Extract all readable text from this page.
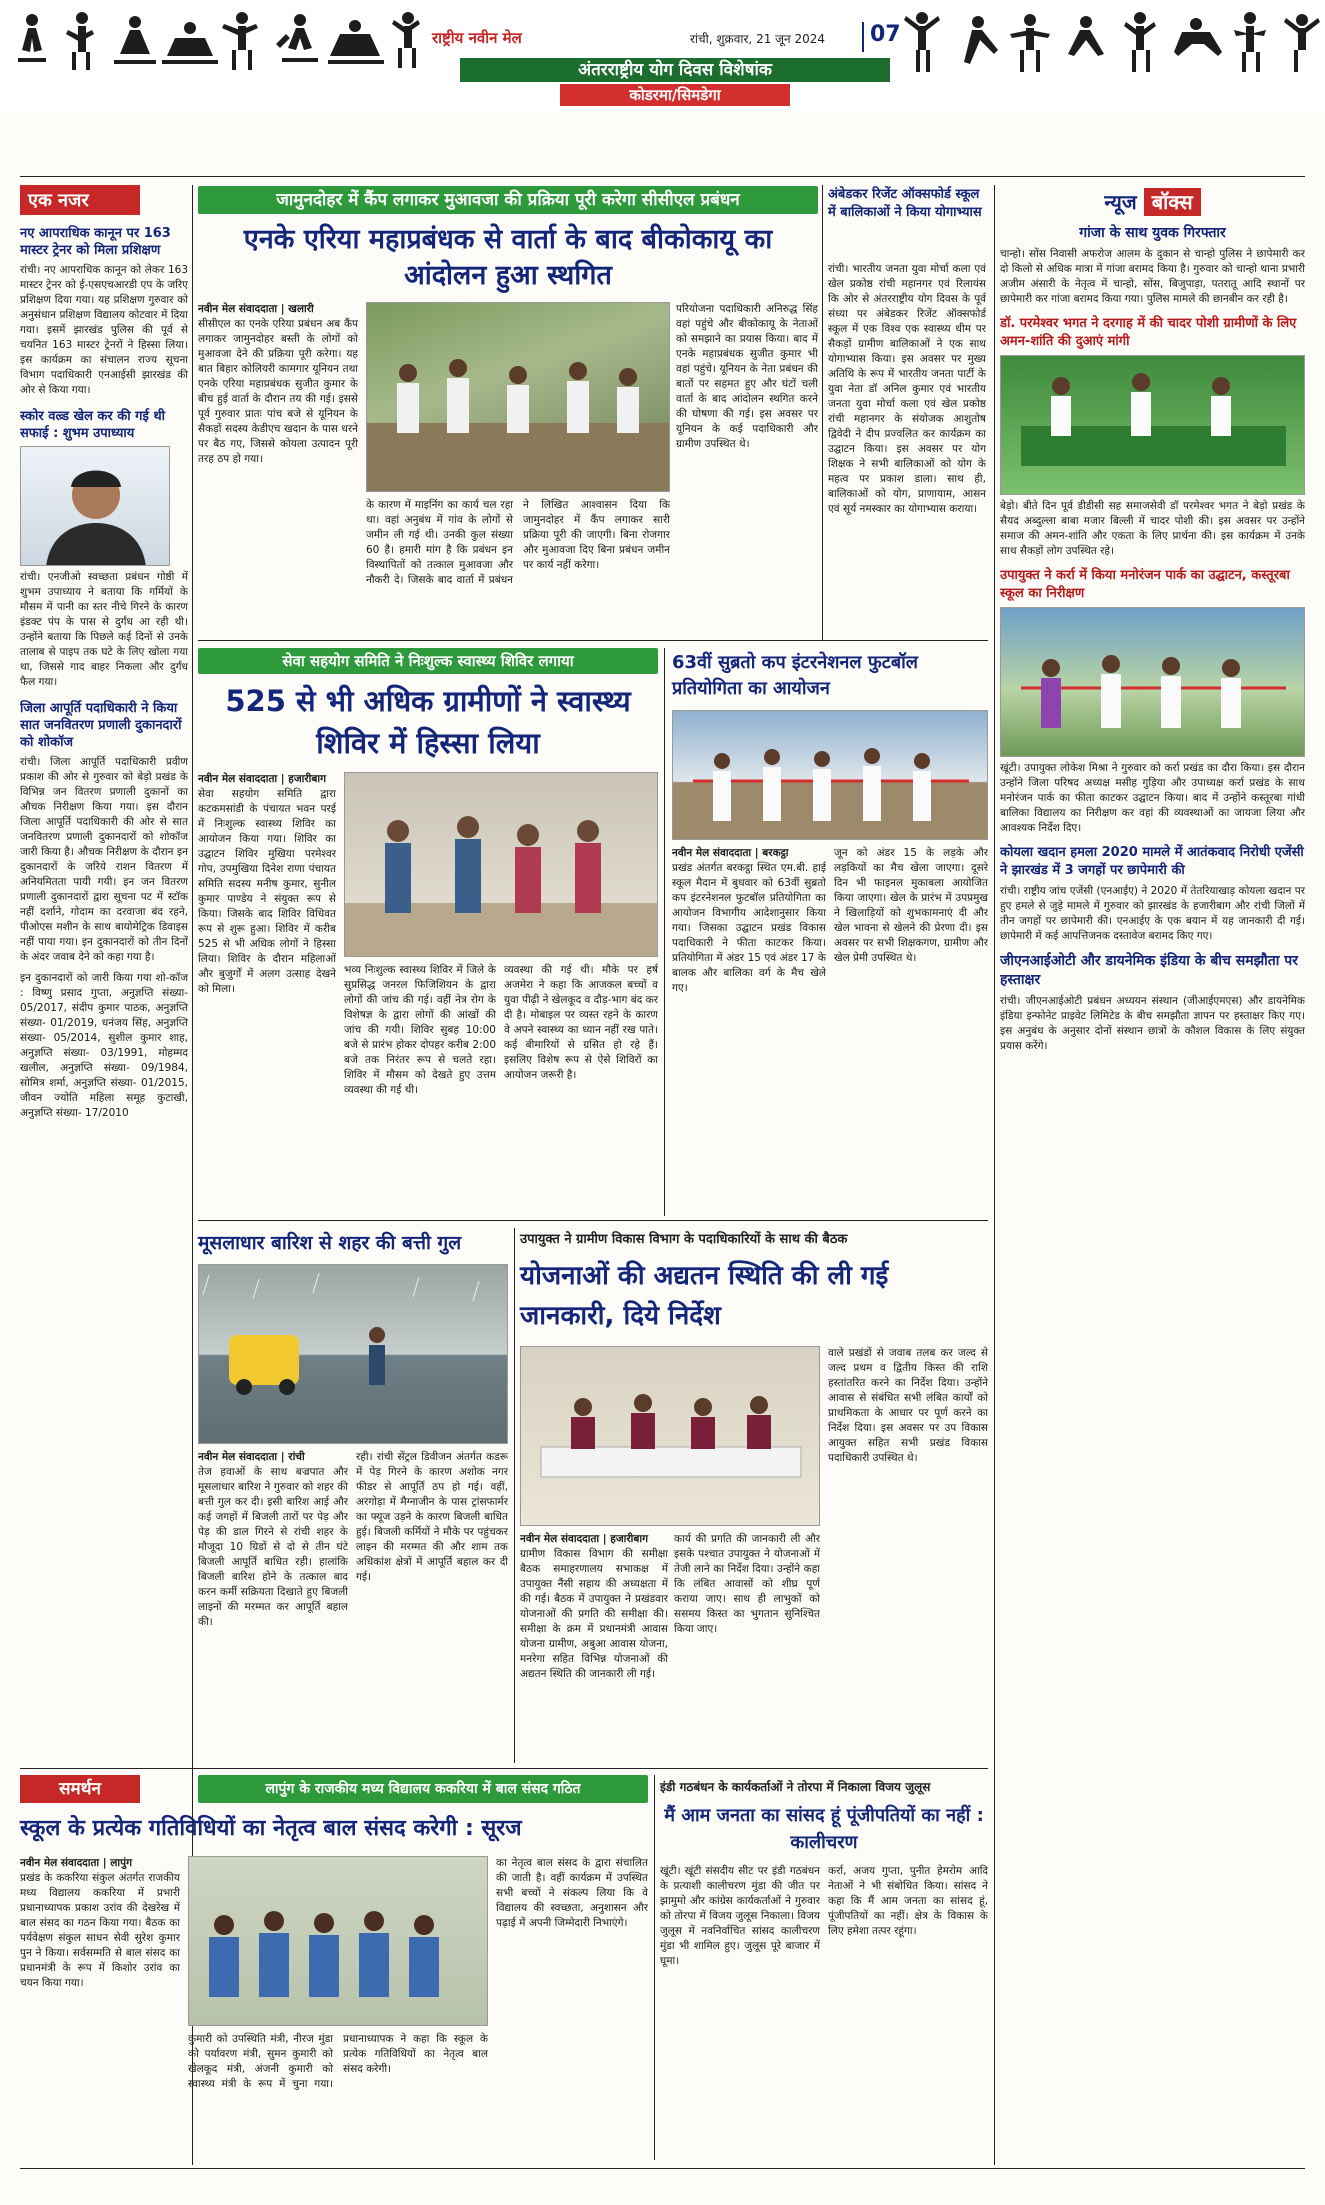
राष्ट्रीय नवीन मेल	रांची, शुक्रवार, 21 जून 2024	07
अंतरराष्ट्रीय योग दिवस विशेषांक
कोडरमा/सिमडेगा
एक नजर
नए आपराधिक कानून पर 163 मास्टर ट्रेनर को मिला प्रशिक्षण
रांची। नए आपराधिक कानून को लेकर 163 मास्टर ट्रेनर को ई-एसएचआरडी एप के जरिए प्रशिक्षण दिया गया। यह प्रशिक्षण गुरुवार को अनुसंधान प्रशिक्षण विद्यालय कोटवार में दिया गया। इसमें झारखंड पुलिस की पूर्व से चयनित 163 मास्टर ट्रेनरों ने हिस्सा लिया। इस कार्यक्रम का संचालन राज्य सूचना विभाग पदाधिकारी एनआईसी झारखंड की ओर से किया गया।
स्कोर वल्र्ड खेल कर की गई थी सफाई : शुभम उपाध्याय
रांची। एनजीओ स्वच्छता प्रबंधन गोष्ठी में शुभम उपाध्याय ने बताया कि गर्मियों के मौसम में पानी का स्तर नीचे गिरने के कारण इंडक्ट पंप के पास से दुर्गंध आ रही थी। उन्होंने बताया कि पिछले कई दिनों से उनके तालाब से पाइप तक घटे के लिए खोला गया था, जिससे गाद बाहर निकला और दुर्गंध फैल गया।
जिला आपूर्ति पदाधिकारी ने किया सात जनवितरण प्रणाली दुकानदारों को शोकॉज
रांची। जिला आपूर्ति पदाधिकारी प्रवीण प्रकाश की ओर से गुरुवार को बेड़ो प्रखंड के विभिन्न जन वितरण प्रणाली दुकानों का औचक निरीक्षण किया गया। इस दौरान जिला आपूर्ति पदाधिकारी की ओर से सात जनवितरण प्रणाली दुकानदारों को शोकॉज जारी किया है। औचक निरीक्षण के दौरान इन दुकानदारों के जरिये राशन वितरण में अनियमितता पायी गयी। इन जन वितरण प्रणाली दुकानदारों द्वारा सूचना पट में स्टॉक नहीं दर्शाने, गोदाम का दरवाजा बंद रहने, पीओएस मशीन के साथ बायोमेट्रिक डिवाइस नहीं पाया गया। इन दुकानदारों को तीन दिनों के अंदर जवाब देने को कहा गया है।
इन दुकानदारों को जारी किया गया शो-कॉज : विष्णु प्रसाद गुप्ता, अनुज्ञप्ति संख्या- 05/2017, संदीप कुमार पाठक, अनुज्ञप्ति संख्या- 01/2019, धनंजय सिंह, अनुज्ञप्ति संख्या- 05/2014, सुशील कुमार शाह, अनुज्ञप्ति संख्या- 03/1991, मोहम्मद खलील, अनुज्ञप्ति संख्या- 09/1984, सोमित्र शर्मा, अनुज्ञप्ति संख्या- 01/2015, जीवन ज्योति महिला समूह कुटाखी, अनुज्ञप्ति संख्या- 17/2010
जामुनदोहर में कैंप लगाकर मुआवजा की प्रक्रिया पूरी करेगा सीसीएल प्रबंधन
एनके एरिया महाप्रबंधक से वार्ता के बाद बीकोकायू का आंदोलन हुआ स्थगित
नवीन मेल संवाददाता | खलारी
सीसीएल का एनके एरिया प्रबंधन अब कैंप लगाकर जामुनदोहर बस्ती के लोगों को मुआवजा देने की प्रक्रिया पूरी करेगा। यह बात बिहार कोलियरी कामगार यूनियन तथा एनके एरिया महाप्रबंधक सुजीत कुमार के बीच हुई वार्ता के दौरान तय की गई। इससे पूर्व गुरुवार प्रातः पांच बजे से यूनियन के सैकड़ों सदस्य केडीएच खदान के पास धरने पर बैठ गए, जिससे कोयला उत्पादन पूरी तरह ठप हो गया।
के कारण में माइनिंग का कार्य चल रहा था। वहां अनुबंध में गांव के लोगों से जमीन ली गई थी। उनकी कुल संख्या 60 है। हमारी मांग है कि प्रबंधन इन विस्थापितों को तत्काल मुआवजा और नौकरी दे। जिसके बाद वार्ता में प्रबंधन ने लिखित आश्वासन दिया कि जामुनदोहर में कैंप लगाकर सारी प्रक्रिया पूरी की जाएगी। बिना रोजगार और मुआवजा दिए बिना प्रबंधन जमीन पर कार्य नहीं करेगा।
परियोजना पदाधिकारी अनिरुद्ध सिंह वहां पहुंचे और बीकोकायू के नेताओं को समझाने का प्रयास किया। बाद में एनके महाप्रबंधक सुजीत कुमार भी वहां पहुंचे। यूनियन के नेता प्रबंधन की बातों पर सहमत हुए और घंटों चली वार्ता के बाद आंदोलन स्थगित करने की घोषणा की गई। इस अवसर पर यूनियन के कई पदाधिकारी और ग्रामीण उपस्थित थे।
अंबेडकर रिजेंट ऑक्सफोर्ड स्कूल में बालिकाओं ने किया योगाभ्यास
रांची। भारतीय जनता युवा मोर्चा कला एवं खेल प्रकोष्ठ रांची महानगर एवं रिलायंस कि ओर से अंतरराष्ट्रीय योग दिवस के पूर्व संध्या पर अंबेडकर रिजेंट ऑक्सफोर्ड स्कूल में एक विश्व एक स्वास्थ्य थीम पर सैकड़ों ग्रामीण बालिकाओं ने एक साथ योगाभ्यास किया। इस अवसर पर मुख्य अतिथि के रूप में भारतीय जनता पार्टी के युवा नेता डॉ अनिल कुमार एवं भारतीय जनता युवा मोर्चा कला एवं खेल प्रकोष्ठ रांची महानगर के संयोजक आशुतोष द्विवेदी ने दीप प्रज्वलित कर कार्यक्रम का उद्घाटन किया। इस अवसर पर योग शिक्षक ने सभी बालिकाओं को योग के महत्व पर प्रकाश डाला। साथ ही, बालिकाओं को योग, प्राणायाम, आसन एवं सूर्य नमस्कार का योगाभ्यास कराया।
सेवा सहयोग समिति ने निःशुल्क स्वास्थ्य शिविर लगाया
525 से भी अधिक ग्रामीणों ने स्वास्थ्य शिविर में हिस्सा लिया
नवीन मेल संवाददाता | हजारीबाग
सेवा सहयोग समिति द्वारा कटकमसांडी के पंचायत भवन परई में निःशुल्क स्वास्थ्य शिविर का आयोजन किया गया। शिविर का उद्घाटन शिविर मुखिया परमेश्वर गोप, उपमुखिया दिनेश राणा पंचायत समिति सदस्य मनीष कुमार, सुनील कुमार पाण्डेय ने संयुक्त रूप से किया। जिसके बाद शिविर विधिवत रूप से शुरू हुआ। शिविर में करीब 525 से भी अधिक लोगों ने हिस्सा लिया। शिविर के दौरान महिलाओं और बुजुर्गों में अलग उत्साह देखने को मिला।
भव्य निःशुल्क स्वास्थ्य शिविर में जिले के सुप्रसिद्ध जनरल फिजिशियन के द्वारा लोगों की जांच की गई। वहीं नेत्र रोग के विशेषज्ञ के द्वारा लोगों की आंखों की जांच की गयी। शिविर सुबह 10:00 बजे से प्रारंभ होकर दोपहर करीब 2:00 बजे तक निरंतर रूप से चलते रहा। शिविर में मौसम को देखते हुए उत्तम व्यवस्था की गई थी।
व्यवस्था की गई थी। मौके पर हर्ष अजमेरा ने कहा कि आजकल बच्चों व युवा पीढ़ी ने खेलकूद व दौड़-भाग बंद कर दी है। मोबाइल पर व्यस्त रहने के कारण वे अपने स्वास्थ्य का ध्यान नहीं रख पाते। कई बीमारियों से ग्रसित हो रहे हैं। इसलिए विशेष रूप से ऐसे शिविरों का आयोजन जरूरी है।
63वीं सुब्रतो कप इंटरनेशनल फुटबॉल प्रतियोगिता का आयोजन
नवीन मेल संवाददाता | बरकट्ठा
प्रखंड अंतर्गत बरकट्ठा स्थित एम.बी. हाई स्कूल मैदान में बुधवार को 63वीं सुब्रतो कप इंटरनेशनल फुटबॉल प्रतियोगिता का आयोजन विभागीय आदेशानुसार किया गया। जिसका उद्घाटन प्रखंड विकास पदाधिकारी ने फीता काटकर किया। प्रतियोगिता में अंडर 15 एवं अंडर 17 के बालक और बालिका वर्ग के मैच खेले गए।
जून को अंडर 15 के लड़के और लड़कियों का मैच खेला जाएगा। दूसरे दिन भी फाइनल मुकाबला आयोजित किया जाएगा। खेल के प्रारंभ में उपप्रमुख ने खिलाड़ियों को शुभकामनाएं दी और खेल भावना से खेलने की प्रेरणा दी। इस अवसर पर सभी शिक्षकगण, ग्रामीण और खेल प्रेमी उपस्थित थे।
मूसलाधार बारिश से शहर की बत्ती गुल
नवीन मेल संवाददाता | रांची
तेज हवाओं के साथ बज्रपात और मूसलाधार बारिश ने गुरुवार को शहर की बत्ती गुल कर दी। इसी बारिश आई और कई जगहों में बिजली तारों पर पेड़ और पेड़ की डाल गिरने से रांची शहर के मौजूदा 10 ग्रिडों से दो से तीन घंटे बिजली आपूर्ति बाधित रही। हालांकि बिजली बारिश होने के तत्काल बाद करन कर्मी सक्रियता दिखाते हुए बिजली लाइनों की मरम्मत कर आपूर्ति बहाल की।
रही। रांची सेंट्रल डिवीजन अंतर्गत कडरू में पेड़ गिरने के कारण अशोक नगर फीडर से आपूर्ति ठप हो गई। वहीं, अरगोड़ा में मैग्नाजीन के पास ट्रांसफार्मर का फ्यूज उड़ने के कारण बिजली बाधित हुई। बिजली कर्मियों ने मौके पर पहुंचकर लाइन की मरम्मत की और शाम तक अधिकांश क्षेत्रों में आपूर्ति बहाल कर दी गई।
उपायुक्त ने ग्रामीण विकास विभाग के पदाधिकारियों के साथ की बैठक
योजनाओं की अद्यतन स्थिति की ली गई जानकारी, दिये निर्देश
वाले प्रखंडों से जवाब तलब कर जल्द से जल्द प्रथम व द्वितीय किस्त की राशि हस्तांतरित करने का निर्देश दिया। उन्होंने आवास से संबंधित सभी लंबित कार्यों को प्राथमिकता के आधार पर पूर्ण करने का निर्देश दिया। इस अवसर पर उप विकास आयुक्त सहित सभी प्रखंड विकास पदाधिकारी उपस्थित थे।
नवीन मेल संवाददाता | हजारीबाग
ग्रामीण विकास विभाग की समीक्षा बैठक समाहरणालय सभाकक्ष में उपायुक्त नैंसी सहाय की अध्यक्षता में की गई। बैठक में उपायुक्त ने प्रखंडवार योजनाओं की प्रगति की समीक्षा की। समीक्षा के क्रम में प्रधानमंत्री आवास योजना ग्रामीण, अबुआ आवास योजना, मनरेगा सहित विभिन्न योजनाओं की अद्यतन स्थिति की जानकारी ली गई।
कार्य की प्रगति की जानकारी ली और इसके पश्चात उपायुक्त ने योजनाओं में तेजी लाने का निर्देश दिया। उन्होंने कहा कि लंबित आवासों को शीघ्र पूर्ण कराया जाए। साथ ही लाभुकों को ससमय किस्त का भुगतान सुनिश्चित किया जाए।
समर्थन	लापुंग के राजकीय मध्य विद्यालय ककरिया में बाल संसद गठित
स्कूल के प्रत्येक गतिविधियों का नेतृत्व बाल संसद करेगी : सूरज
नवीन मेल संवाददाता | लापुंग
प्रखंड के ककरिया संकुल अंतर्गत राजकीय मध्य विद्यालय ककरिया में प्रभारी प्रधानाध्यापक प्रकाश उरांव की देखरेख में बाल संसद का गठन किया गया। बैठक का पर्यवेक्षण संकुल साधन सेवी सुरेश कुमार पुन ने किया। सर्वसम्मति से बाल संसद का प्रधानमंत्री के रूप में किशोर उरांव का चयन किया गया।
कुमारी को उपस्थिति मंत्री, नीरज मुंडा को पर्यावरण मंत्री, सुमन कुमारी को खेलकूद मंत्री, अंजनी कुमारी को स्वास्थ्य मंत्री के रूप में चुना गया। प्रधानाध्यापक ने कहा कि स्कूल के प्रत्येक गतिविधियों का नेतृत्व बाल संसद करेगी।
का नेतृत्व बाल संसद के द्वारा संचालित की जाती है। वहीं कार्यक्रम में उपस्थित सभी बच्चों ने संकल्प लिया कि वे विद्यालय की स्वच्छता, अनुशासन और पढ़ाई में अपनी जिम्मेदारी निभाएंगे।
इंडी गठबंधन के कार्यकर्ताओं ने तोरपा में निकाला विजय जुलूस
मैं आम जनता का सांसद हूं पूंजीपतियों का नहीं : कालीचरण
खूंटी। खूंटी संसदीय सीट पर इंडी गठबंधन के प्रत्याशी कालीचरण मुंडा की जीत पर झामुमो और कांग्रेस कार्यकर्ताओं ने गुरुवार को तोरपा में विजय जुलूस निकाला। विजय जुलूस में नवनिर्वाचित सांसद कालीचरण मुंडा भी शामिल हुए। जुलूस पूरे बाजार में घूमा।
कर्रा, अजय गुप्ता, पुनीत हेमरोम आदि नेताओं ने भी संबोधित किया। सांसद ने कहा कि मैं आम जनता का सांसद हूं, पूंजीपतियों का नहीं। क्षेत्र के विकास के लिए हमेशा तत्पर रहूंगा।
न्यूज बॉक्स
गांजा के साथ युवक गिरफ्तार
चान्हो। सोंस निवासी अफरोज आलम के दुकान से चान्हो पुलिस ने छापेमारी कर दो किलो से अधिक मात्रा में गांजा बरामद किया है। गुरुवार को चान्हो थाना प्रभारी अजीम अंसारी के नेतृत्व में चान्हो, सोंस, बिजुपाड़ा, पतरातू आदि स्थानों पर छापेमारी कर गांजा बरामद किया गया। पुलिस मामले की छानबीन कर रही है।
डॉ. परमेश्वर भगत ने दरगाह में की चादर पोशी ग्रामीणों के लिए अमन-शांति की दुआएं मांगी
बेड़ो। बीते दिन पूर्व डीडीसी सह समाजसेवी डॉ परमेश्वर भगत ने बेड़ो प्रखंड के सैयद अब्दुल्ला बाबा मजार बिल्ली में चादर पोशी की। इस अवसर पर उन्होंने समाज की अमन-शांति और एकता के लिए प्रार्थना की। इस कार्यक्रम में उनके साथ सैकड़ों लोग उपस्थित रहे।
उपायुक्त ने कर्रा में किया मनोरंजन पार्क का उद्घाटन, कस्तूरबा स्कूल का निरीक्षण
खूंटी। उपायुक्त लोकेश मिश्रा ने गुरुवार को कर्रा प्रखंड का दौरा किया। इस दौरान उन्होंने जिला परिषद अध्यक्ष मसीह गुड़िया और उपाध्यक्ष कर्रा प्रखंड के साथ मनोरंजन पार्क का फीता काटकर उद्घाटन किया। बाद में उन्होंने कस्तूरबा गांधी बालिका विद्यालय का निरीक्षण कर वहां की व्यवस्थाओं का जायजा लिया और आवश्यक निर्देश दिए।
कोयला खदान हमला 2020 मामले में आतंकवाद निरोधी एजेंसी ने झारखंड में 3 जगहों पर छापेमारी की
रांची। राष्ट्रीय जांच एजेंसी (एनआईए) ने 2020 में तेतरियाखाड़ कोयला खदान पर हुए हमले से जुड़े मामले में गुरुवार को झारखंड के हजारीबाग और रांची जिलों में तीन जगहों पर छापेमारी की। एनआईए के एक बयान में यह जानकारी दी गई। छापेमारी में कई आपत्तिजनक दस्तावेज बरामद किए गए।
जीएनआईओटी और डायनेमिक इंडिया के बीच समझौता पर हस्ताक्षर
रांची। जीएनआईओटी प्रबंधन अध्ययन संस्थान (जीआईएमएस) और डायनेमिक इंडिया इन्फोनेट प्राइवेट लिमिटेड के बीच समझौता ज्ञापन पर हस्ताक्षर किए गए। इस अनुबंध के अनुसार दोनों संस्थान छात्रों के कौशल विकास के लिए संयुक्त प्रयास करेंगे।
